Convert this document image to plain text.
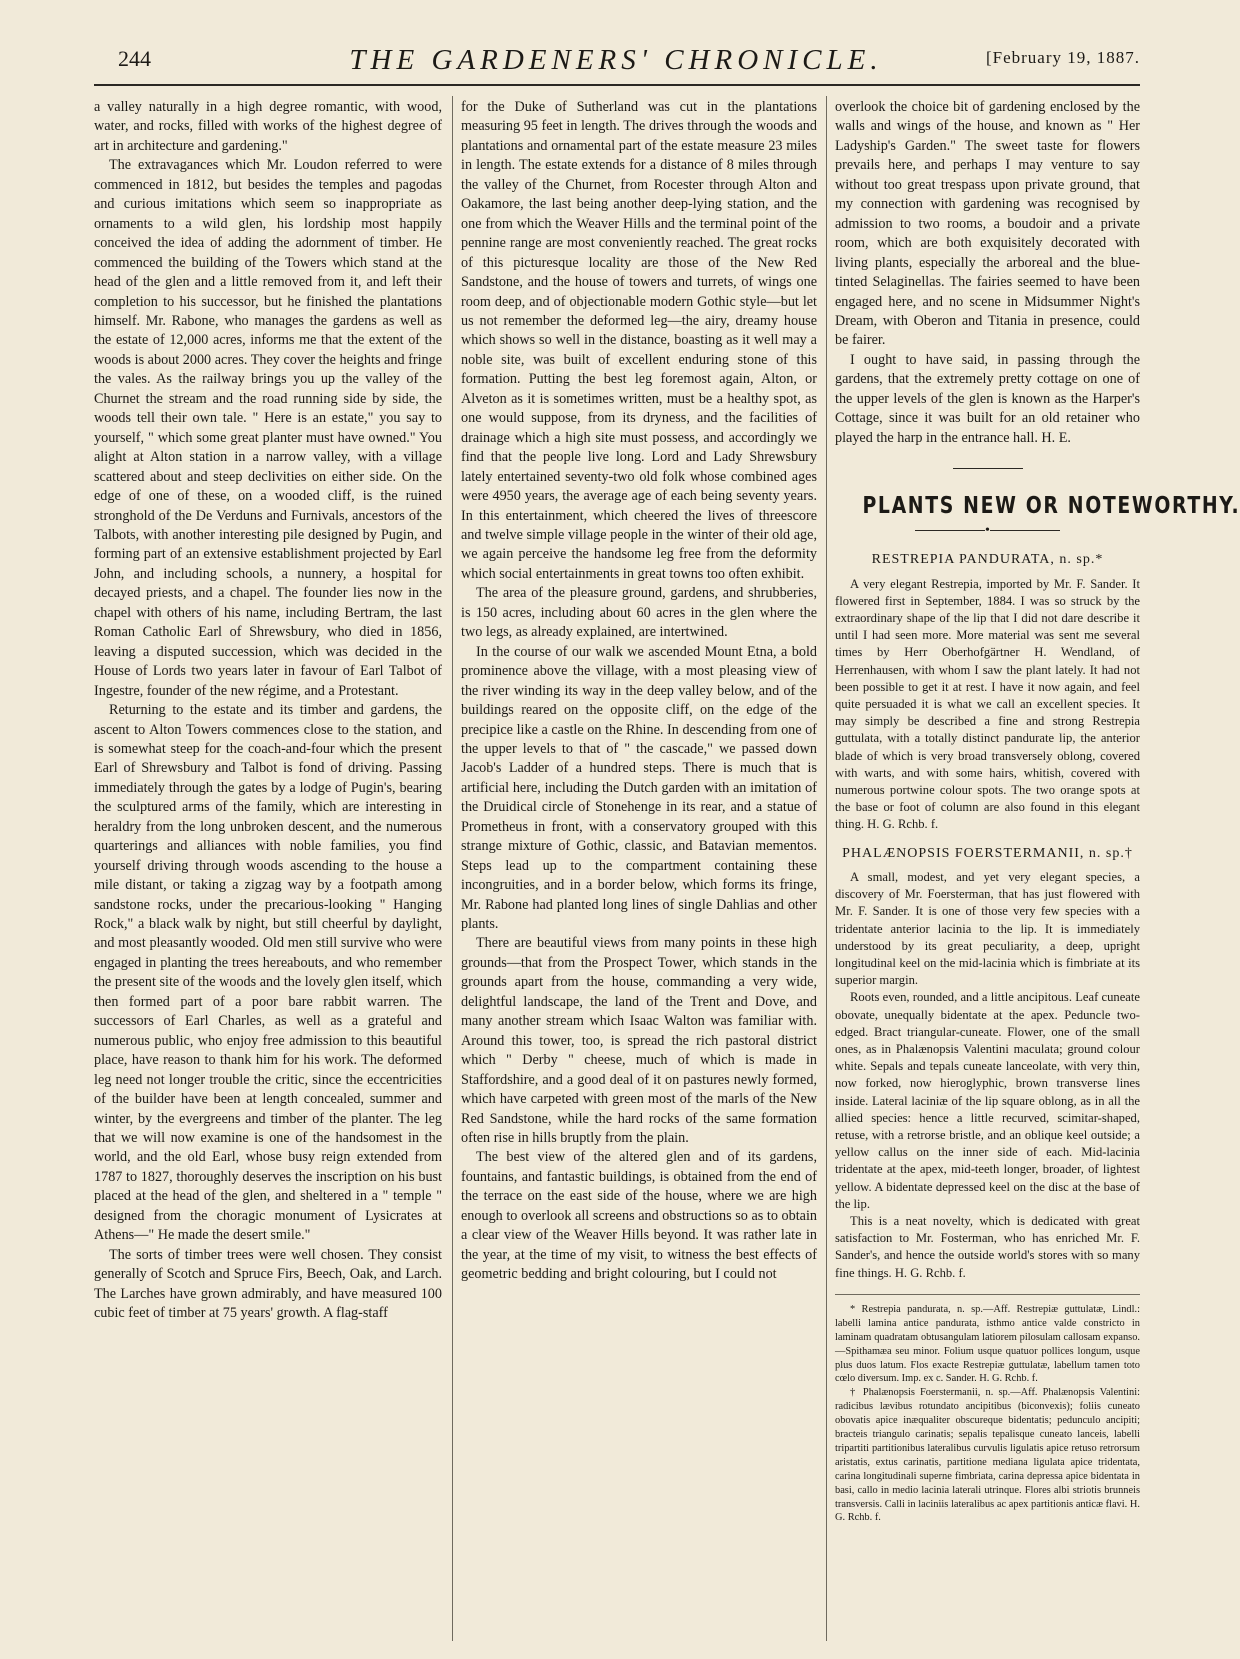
244	THE GARDENERS' CHRONICLE.	[February 19, 1887.

a valley naturally in a high degree romantic, with wood, water, and rocks, filled with works of the highest degree of art in architecture and gardening."

The extravagances which Mr. Loudon referred to were commenced in 1812, but besides the temples and pagodas and curious imitations which seem so inappropriate as ornaments to a wild glen, his lordship most happily conceived the idea of adding the adornment of timber. He commenced the building of the Towers which stand at the head of the glen and a little removed from it, and left their completion to his successor, but he finished the plantations himself. Mr. Rabone, who manages the gardens as well as the estate of 12,000 acres, informs me that the extent of the woods is about 2000 acres. They cover the heights and fringe the vales. As the railway brings you up the valley of the Churnet the stream and the road running side by side, the woods tell their own tale. " Here is an estate," you say to yourself, " which some great planter must have owned." You alight at Alton station in a narrow valley, with a village scattered about and steep declivities on either side. On the edge of one of these, on a wooded cliff, is the ruined stronghold of the De Verduns and Furnivals, ancestors of the Talbots, with another interesting pile designed by Pugin, and forming part of an extensive establishment projected by Earl John, and including schools, a nunnery, a hospital for decayed priests, and a chapel. The founder lies now in the chapel with others of his name, including Bertram, the last Roman Catholic Earl of Shrewsbury, who died in 1856, leaving a disputed succession, which was decided in the House of Lords two years later in favour of Earl Talbot of Ingestre, founder of the new régime, and a Protestant.

Returning to the estate and its timber and gardens, the ascent to Alton Towers commences close to the station, and is somewhat steep for the coach-and-four which the present Earl of Shrewsbury and Talbot is fond of driving. Passing immediately through the gates by a lodge of Pugin's, bearing the sculptured arms of the family, which are interesting in heraldry from the long unbroken descent, and the numerous quarterings and alliances with noble families, you find yourself driving through woods ascending to the house a mile distant, or taking a zigzag way by a footpath among sandstone rocks, under the precarious-looking " Hanging Rock," a black walk by night, but still cheerful by daylight, and most pleasantly wooded. Old men still survive who were engaged in planting the trees hereabouts, and who remember the present site of the woods and the lovely glen itself, which then formed part of a poor bare rabbit warren. The successors of Earl Charles, as well as a grateful and numerous public, who enjoy free admission to this beautiful place, have reason to thank him for his work. The deformed leg need not longer trouble the critic, since the eccentricities of the builder have been at length concealed, summer and winter, by the evergreens and timber of the planter. The leg that we will now examine is one of the handsomest in the world, and the old Earl, whose busy reign extended from 1787 to 1827, thoroughly deserves the inscription on his bust placed at the head of the glen, and sheltered in a " temple " designed from the choragic monument of Lysicrates at Athens—" He made the desert smile."

The sorts of timber trees were well chosen. They consist generally of Scotch and Spruce Firs, Beech, Oak, and Larch. The Larches have grown admirably, and have measured 100 cubic feet of timber at 75 years' growth. A flag-staff

for the Duke of Sutherland was cut in the plantations measuring 95 feet in length. The drives through the woods and plantations and ornamental part of the estate measure 23 miles in length. The estate extends for a distance of 8 miles through the valley of the Churnet, from Rocester through Alton and Oakamore, the last being another deep-lying station, and the one from which the Weaver Hills and the terminal point of the pennine range are most conveniently reached. The great rocks of this picturesque locality are those of the New Red Sandstone, and the house of towers and turrets, of wings one room deep, and of objectionable modern Gothic style—but let us not remember the deformed leg—the airy, dreamy house which shows so well in the distance, boasting as it well may a noble site, was built of excellent enduring stone of this formation. Putting the best leg foremost again, Alton, or Alveton as it is sometimes written, must be a healthy spot, as one would suppose, from its dryness, and the facilities of drainage which a high site must possess, and accordingly we find that the people live long. Lord and Lady Shrewsbury lately entertained seventy-two old folk whose combined ages were 4950 years, the average age of each being seventy years. In this entertainment, which cheered the lives of threescore and twelve simple village people in the winter of their old age, we again perceive the handsome leg free from the deformity which social entertainments in great towns too often exhibit.

The area of the pleasure ground, gardens, and shrubberies, is 150 acres, including about 60 acres in the glen where the two legs, as already explained, are intertwined.

In the course of our walk we ascended Mount Etna, a bold prominence above the village, with a most pleasing view of the river winding its way in the deep valley below, and of the buildings reared on the opposite cliff, on the edge of the precipice like a castle on the Rhine. In descending from one of the upper levels to that of " the cascade," we passed down Jacob's Ladder of a hundred steps. There is much that is artificial here, including the Dutch garden with an imitation of the Druidical circle of Stonehenge in its rear, and a statue of Prometheus in front, with a conservatory grouped with this strange mixture of Gothic, classic, and Batavian mementos. Steps lead up to the compartment containing these incongruities, and in a border below, which forms its fringe, Mr. Rabone had planted long lines of single Dahlias and other plants.

There are beautiful views from many points in these high grounds—that from the Prospect Tower, which stands in the grounds apart from the house, commanding a very wide, delightful landscape, the land of the Trent and Dove, and many another stream which Isaac Walton was familiar with. Around this tower, too, is spread the rich pastoral district which " Derby " cheese, much of which is made in Staffordshire, and a good deal of it on pastures newly formed, which have carpeted with green most of the marls of the New Red Sandstone, while the hard rocks of the same formation often rise in hills bruptly from the plain.

The best view of the altered glen and of its gardens, fountains, and fantastic buildings, is obtained from the end of the terrace on the east side of the house, where we are high enough to overlook all screens and obstructions so as to obtain a clear view of the Weaver Hills beyond. It was rather late in the year, at the time of my visit, to witness the best effects of geometric bedding and bright colouring, but I could not

overlook the choice bit of gardening enclosed by the walls and wings of the house, and known as " Her Ladyship's Garden." The sweet taste for flowers prevails here, and perhaps I may venture to say without too great trespass upon private ground, that my connection with gardening was recognised by admission to two rooms, a boudoir and a private room, which are both exquisitely decorated with living plants, especially the arboreal and the blue-tinted Selaginellas. The fairies seemed to have been engaged here, and no scene in Midsummer Night's Dream, with Oberon and Titania in presence, could be fairer.

I ought to have said, in passing through the gardens, that the extremely pretty cottage on one of the upper levels of the glen is known as the Harper's Cottage, since it was built for an old retainer who played the harp in the entrance hall. H. E.

PLANTS NEW OR NOTEWORTHY.
•
RESTREPIA PANDURATA, n. sp.*

A very elegant Restrepia, imported by Mr. F. Sander. It flowered first in September, 1884. I was so struck by the extraordinary shape of the lip that I did not dare describe it until I had seen more. More material was sent me several times by Herr Oberhofgärtner H. Wendland, of Herrenhausen, with whom I saw the plant lately. It had not been possible to get it at rest. I have it now again, and feel quite persuaded it is what we call an excellent species. It may simply be described a fine and strong Restrepia guttulata, with a totally distinct pandurate lip, the anterior blade of which is very broad transversely oblong, covered with warts, and with some hairs, whitish, covered with numerous portwine colour spots. The two orange spots at the base or foot of column are also found in this elegant thing. H. G. Rchb. f.

PHALÆNOPSIS FOERSTERMANII, n. sp.†

A small, modest, and yet very elegant species, a discovery of Mr. Foersterman, that has just flowered with Mr. F. Sander. It is one of those very few species with a tridentate anterior lacinia to the lip. It is immediately understood by its great peculiarity, a deep, upright longitudinal keel on the mid-lacinia which is fimbriate at its superior margin.

Roots even, rounded, and a little ancipitous. Leaf cuneate obovate, unequally bidentate at the apex. Peduncle two-edged. Bract triangular-cuneate. Flower, one of the small ones, as in Phalænopsis Valentini maculata; ground colour white. Sepals and tepals cuneate lanceolate, with very thin, now forked, now hieroglyphic, brown transverse lines inside. Lateral laciniæ of the lip square oblong, as in all the allied species: hence a little recurved, scimitar-shaped, retuse, with a retrorse bristle, and an oblique keel outside; a yellow callus on the inner side of each. Mid-lacinia tridentate at the apex, mid-teeth longer, broader, of lightest yellow. A bidentate depressed keel on the disc at the base of the lip.

This is a neat novelty, which is dedicated with great satisfaction to Mr. Fosterman, who has enriched Mr. F. Sander's, and hence the outside world's stores with so many fine things. H. G. Rchb. f.

* Restrepia pandurata, n. sp.—Aff. Restrepiæ guttulatæ, Lindl.: labelli lamina antice pandurata, isthmo antice valde constricto in laminam quadratam obtusangulam latiorem pilosulam callosam expanso.—Spithamæa seu minor. Folium usque quatuor pollices longum, usque plus duos latum. Flos exacte Restrepiæ guttulatæ, labellum tamen toto cœlo diversum. Imp. ex c. Sander. H. G. Rchb. f.

† Phalænopsis Foerstermanii, n. sp.—Aff. Phalænopsis Valentini: radicibus lævibus rotundato ancipitibus (biconvexis); foliis cuneato obovatis apice inæqualiter obscureque bidentatis; pedunculo ancipiti; bracteis triangulo carinatis; sepalis tepalisque cuneato lanceis, labelli tripartiti partitionibus lateralibus curvulis ligulatis apice retuso retrorsum aristatis, extus carinatis, partitione mediana ligulata apice tridentata, carina longitudinali superne fimbriata, carina depressa apice bidentata in basi, callo in medio lacinia laterali utrinque. Flores albi striotis brunneis transversis. Calli in laciniis lateralibus ac apex partitionis anticæ flavi. H. G. Rchb. f.
